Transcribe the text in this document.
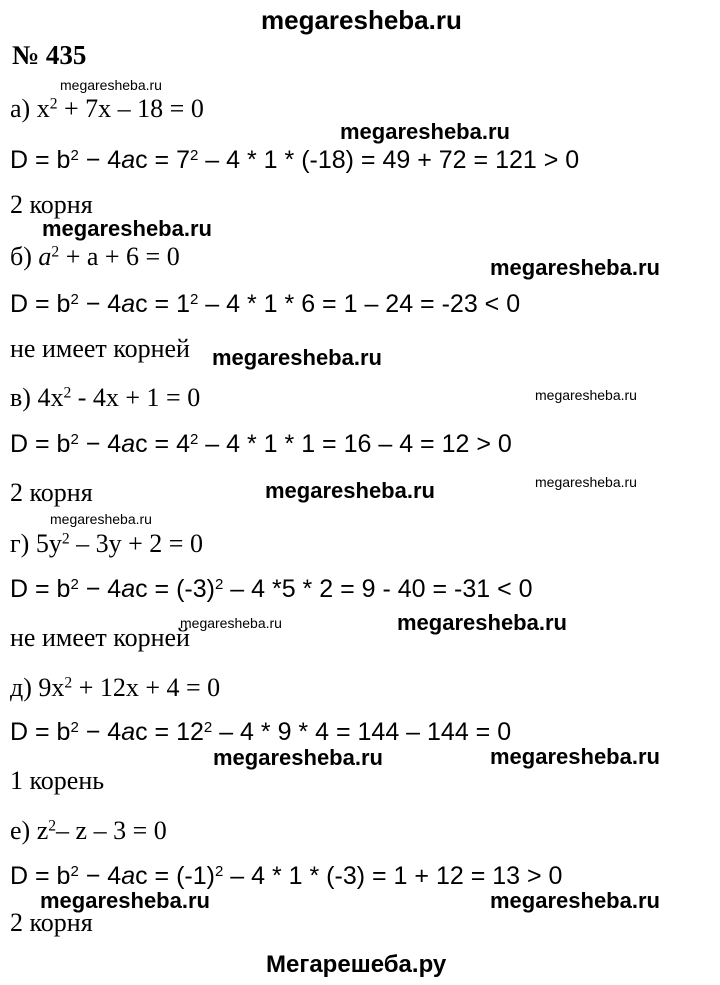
megaresheba.ru
№ 435
а) $x^2 + 7x - 18 = 0$
$D = b^2 - 4ac = 7^2 - 4 * 1 * (-18) = 49 + 72 = 121 > 0$
2 корня
б) $a^2 + a + 6 = 0$
$D = b^2 - 4ac = 1^2 - 4 * 1 * 6 = 1 - 24 = -23 < 0$
не имеет корней
в) $4x^2 - 4x + 1 = 0$
$D = b^2 - 4ac = 4^2 - 4 * 1 * 1 = 16 - 4 = 12 > 0$
2 корня
г) $5y^2 - 3y + 2 = 0$
$D = b^2 - 4ac = (-3)^2 - 4$ *5 * 2 = 9 - 40 = -31 < 0
не имеет корней
д) $9x^2 + 12x + 4 = 0$
$D = b^2 - 4ac = 12^2 - 4 * 9 * 4 = 144 - 144 = 0$
1 корень
е) $z^2-$ z – 3 = 0
$D = b^2 - 4ac = (-1)^2 - 4 * 1 * (-3) = 1 + 12 = 13 > 0$
2 корня
megaresheba.ru
megaresheba.ru
megaresheba.ru
megaresheba.ru
megaresheba.ru
megaresheba.ru
megaresheba.ru	megaresheba.ru
megaresheba.ru
megaresheba.ru	megaresheba.ru
megaresheba.ru	megaresheba.ru
megaresheba.ru	megaresheba.ru
Мегарешеба.ру
